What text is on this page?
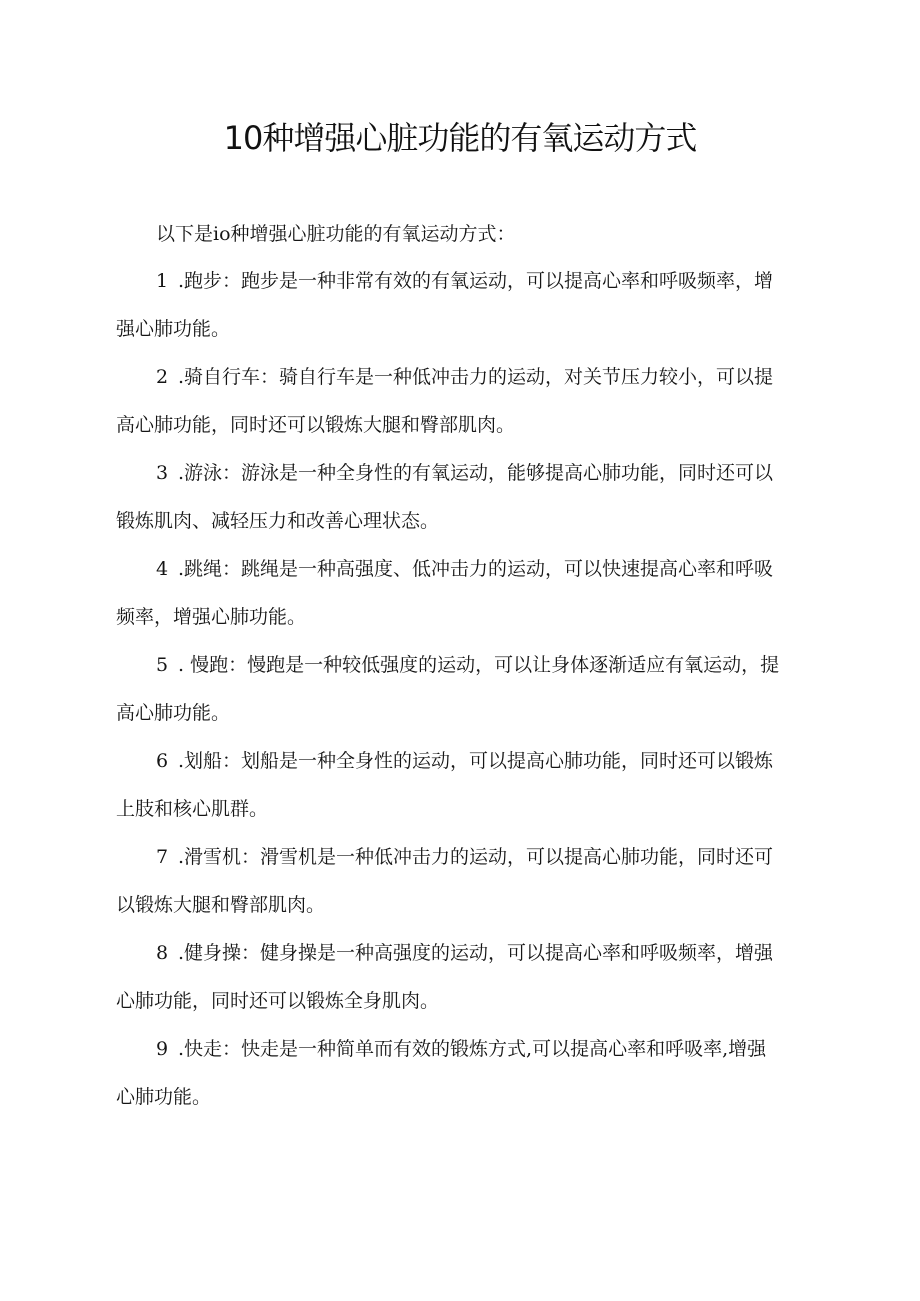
10种增强心脏功能的有氧运动方式

以下是io种增强心脏功能的有氧运动方式：

1 .跑步：跑步是一种非常有效的有氧运动，可以提高心率和呼吸频率，增
强心肺功能。
2 .骑自行车：骑自行车是一种低冲击力的运动，对关节压力较小，可以提
高心肺功能，同时还可以锻炼大腿和臀部肌肉。
3 .游泳：游泳是一种全身性的有氧运动，能够提高心肺功能，同时还可以
锻炼肌肉、减轻压力和改善心理状态。
4 .跳绳：跳绳是一种高强度、低冲击力的运动，可以快速提高心率和呼吸
频率，增强心肺功能。
5 . 慢跑：慢跑是一种较低强度的运动，可以让身体逐渐适应有氧运动，提
高心肺功能。
6 .划船：划船是一种全身性的运动，可以提高心肺功能，同时还可以锻炼
上肢和核心肌群。
7 .滑雪机：滑雪机是一种低冲击力的运动，可以提高心肺功能，同时还可
以锻炼大腿和臀部肌肉。
8 .健身操：健身操是一种高强度的运动，可以提高心率和呼吸频率，增强
心肺功能，同时还可以锻炼全身肌肉。
9 .快走：快走是一种简单而有效的锻炼方式,可以提高心率和呼吸率,增强
心肺功能。
